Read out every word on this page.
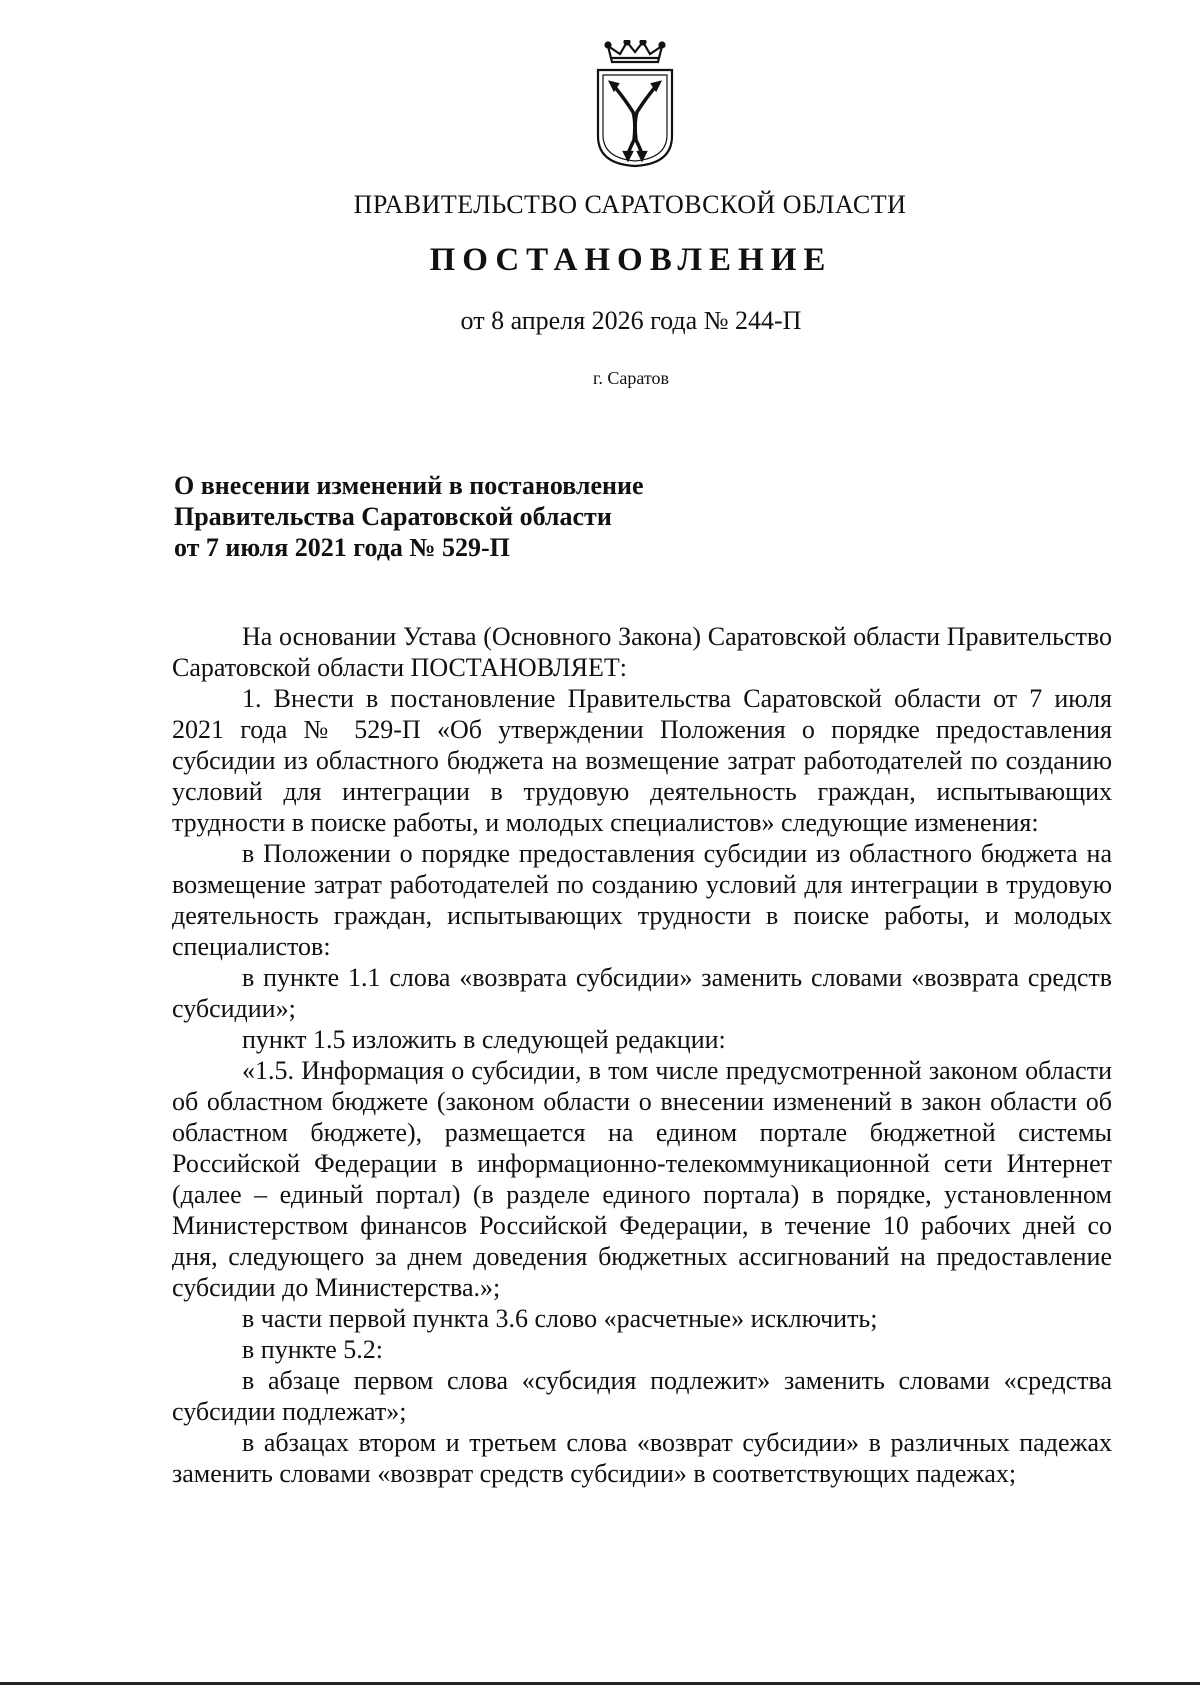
ПРАВИТЕЛЬСТВО САРАТОВСКОЙ ОБЛАСТИ
ПОСТАНОВЛЕНИЕ
от 8 апреля 2026 года № 244-П
г. Саратов
О внесении изменений в постановление
Правительства Саратовской области
от 7 июля 2021 года № 529-П

На основании Устава (Основного Закона) Саратовской области Правительство Саратовской области ПОСТАНОВЛЯЕТ:

1. Внести в постановление Правительства Саратовской области от 7 июля 2021 года № 529-П «Об утверждении Положения о порядке предоставления субсидии из областного бюджета на возмещение затрат работодателей по созданию условий для интеграции в трудовую деятельность граждан, испытывающих трудности в поиске работы, и молодых специалистов» следующие изменения:

в Положении о порядке предоставления субсидии из областного бюджета на возмещение затрат работодателей по созданию условий для интеграции в трудовую деятельность граждан, испытывающих трудности в поиске работы, и молодых специалистов:

в пункте 1.1 слова «возврата субсидии» заменить словами «возврата средств субсидии»;

пункт 1.5 изложить в следующей редакции:

«1.5. Информация о субсидии, в том числе предусмотренной законом области об областном бюджете (законом области о внесении изменений в закон области об областном бюджете), размещается на едином портале бюджетной системы Российской Федерации в информационно-телекоммуникационной сети Интернет (далее – единый портал) (в разделе единого портала) в порядке, установленном Министерством финансов Российской Федерации, в течение 10 рабочих дней со дня, следующего за днем доведения бюджетных ассигнований на предоставление субсидии до Министерства.»;

в части первой пункта 3.6 слово «расчетные» исключить;

в пункте 5.2:

в абзаце первом слова «субсидия подлежит» заменить словами «средства субсидии подлежат»;

в абзацах втором и третьем слова «возврат субсидии» в различных падежах заменить словами «возврат средств субсидии» в соответствующих падежах;
